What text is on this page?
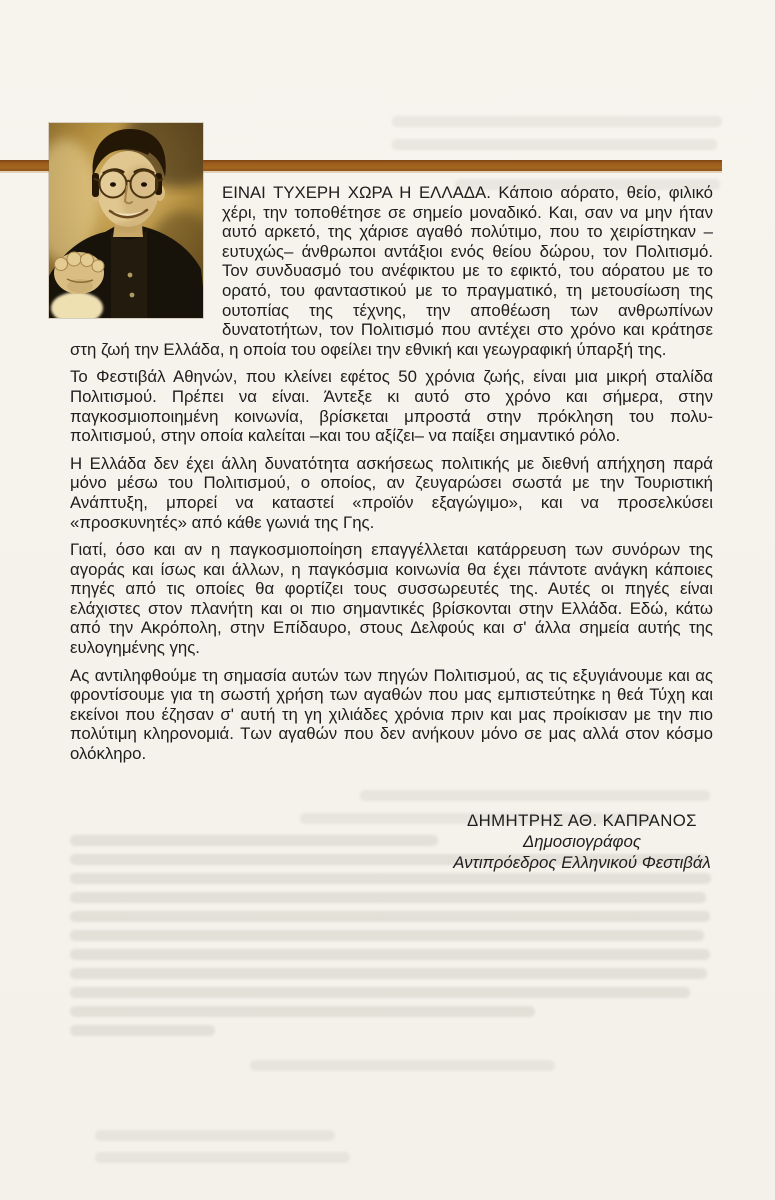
ΕΙΝΑΙ ΤΥΧΕΡΗ ΧΩΡΑ Η ΕΛΛΑΔΑ. Κάποιο αόρατο, θείο, φιλικό χέρι, την τοποθέτησε σε σημείο μοναδικό. Και, σαν να μην ήταν αυτό αρκετό, της χάρισε αγαθό πολύτιμο, που το χειρίστηκαν –ευτυχώς– άνθρωποι αντάξιοι ενός θείου δώρου, τον Πολιτισμό. Τον συνδυασμό του ανέφικτου με το εφικτό, του αόρατου με το ορατό, του φανταστικού με το πραγματικό, τη μετουσίωση της ουτοπίας της τέχνης, την αποθέωση των ανθρωπίνων δυνατοτήτων, τον Πολιτισμό που αντέχει στο χρόνο και κράτησε στη ζωή την Ελλάδα, η οποία του οφείλει την εθνική και γεωγραφική ύπαρξή της.

Το Φεστιβάλ Αθηνών, που κλείνει εφέτος 50 χρόνια ζωής, είναι μια μικρή σταλίδα Πολιτισμού. Πρέπει να είναι. Άντεξε κι αυτό στο χρόνο και σήμερα, στην παγκοσμιοποιημένη κοινωνία, βρίσκεται μπροστά στην πρόκληση του πολυ-πολιτισμού, στην οποία καλείται –και του αξίζει– να παίξει σημαντικό ρόλο.

Η Ελλάδα δεν έχει άλλη δυνατότητα ασκήσεως πολιτικής με διεθνή απήχηση παρά μόνο μέσω του Πολιτισμού, ο οποίος, αν ζευγαρώσει σωστά με την Τουριστική Ανάπτυξη, μπορεί να καταστεί «προϊόν εξαγώγιμο», και να προσελκύσει «προσκυνητές» από κάθε γωνιά της Γης.

Γιατί, όσο και αν η παγκοσμιοποίηση επαγγέλλεται κατάρρευση των συνόρων της αγοράς και ίσως και άλλων, η παγκόσμια κοινωνία θα έχει πάντοτε ανάγκη κάποιες πηγές από τις οποίες θα φορτίζει τους συσσωρευτές της. Αυτές οι πηγές είναι ελάχιστες στον πλανήτη και οι πιο σημαντικές βρίσκονται στην Ελλάδα. Εδώ, κάτω από την Ακρόπολη, στην Επίδαυρο, στους Δελφούς και σ' άλλα σημεία αυτής της ευλογημένης γης.

Ας αντιληφθούμε τη σημασία αυτών των πηγών Πολιτισμού, ας τις εξυγιάνουμε και ας φροντίσουμε για τη σωστή χρήση των αγαθών που μας εμπιστεύτηκε η θεά Τύχη και εκείνοι που έζησαν σ' αυτή τη γη χιλιάδες χρόνια πριν και μας προίκισαν με την πιο πολύτιμη κληρονομιά. Των αγαθών που δεν ανήκουν μόνο σε μας αλλά στον κόσμο ολόκληρο.

ΔΗΜΗΤΡΗΣ ΑΘ. ΚΑΠΡΑΝΟΣ
Δημοσιογράφος
Αντιπρόεδρος Ελληνικού Φεστιβάλ
